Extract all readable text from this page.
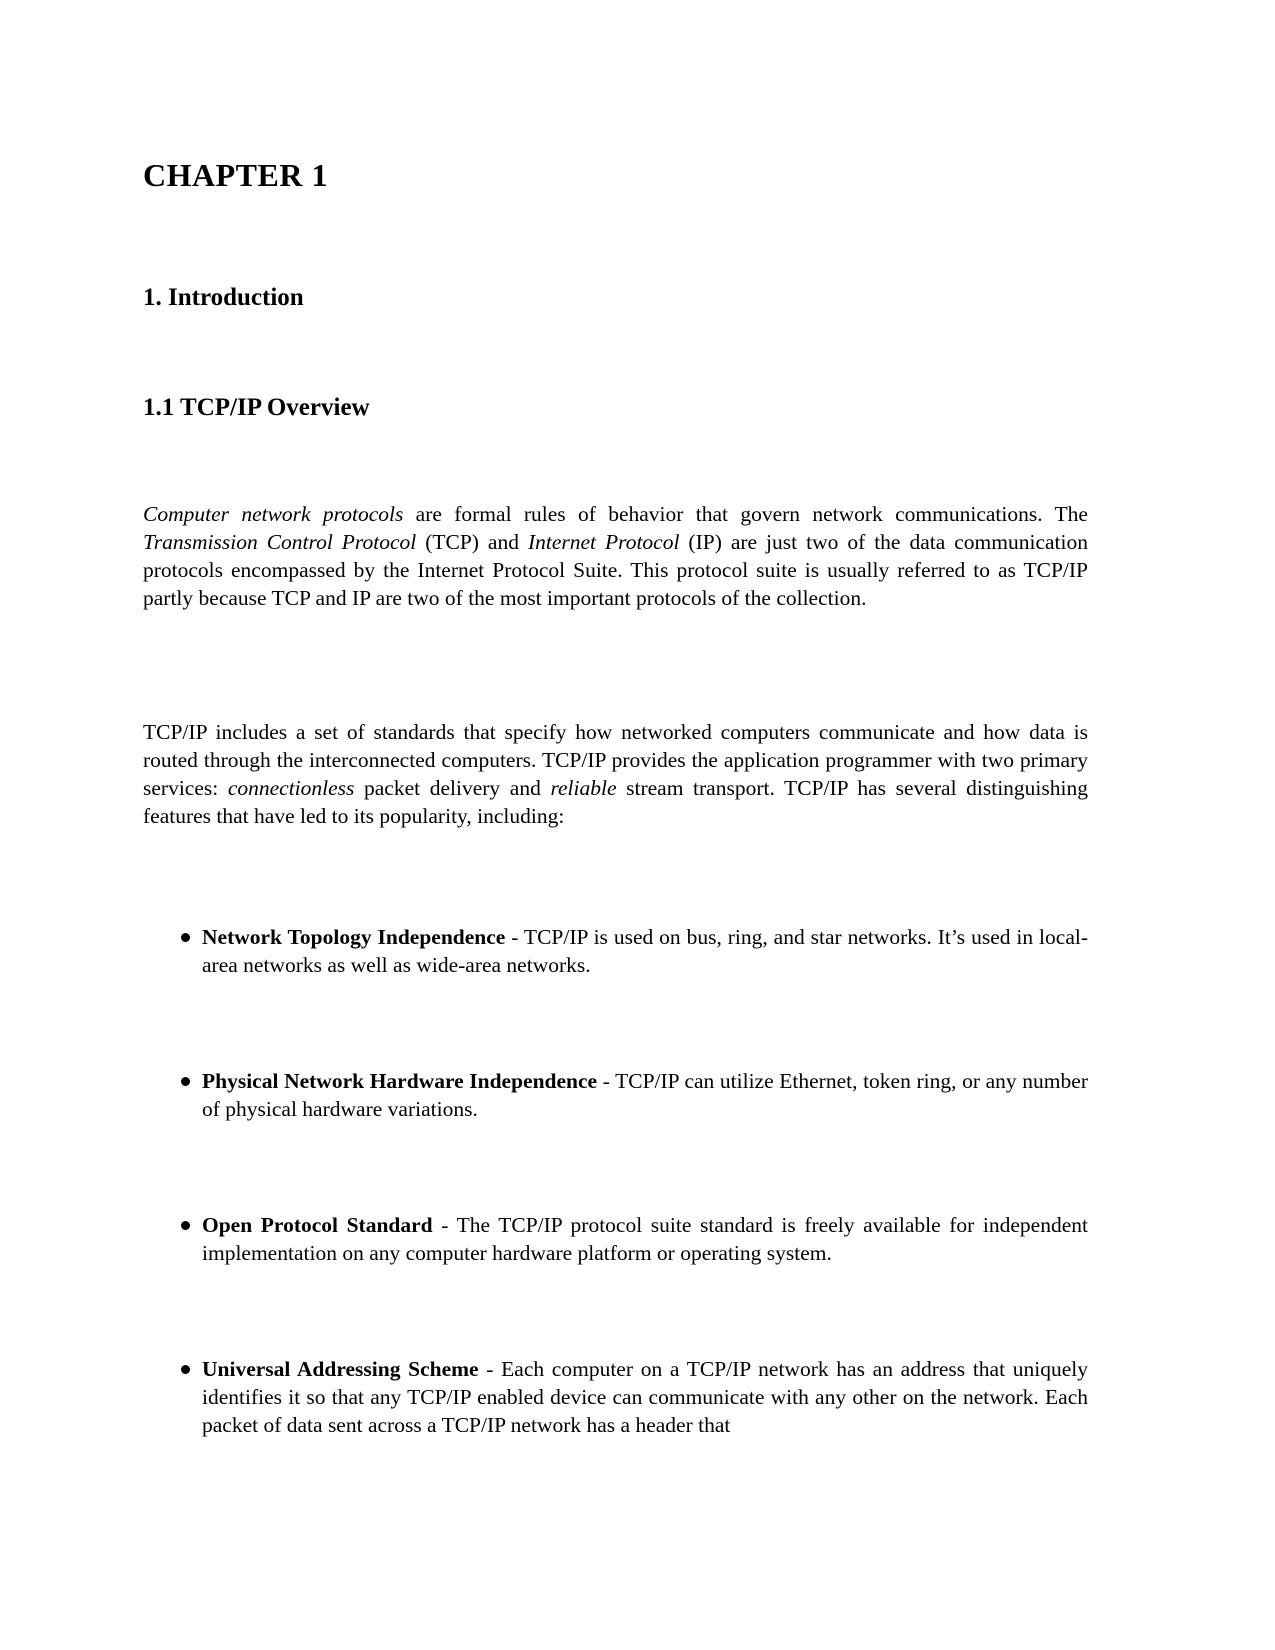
CHAPTER 1
1. Introduction
1.1 TCP/IP Overview

Computer network protocols are formal rules of behavior that govern network communications. The Transmission Control Protocol (TCP) and Internet Protocol (IP) are just two of the data communication protocols encompassed by the Internet Protocol Suite. This protocol suite is usually referred to as TCP/IP partly because TCP and IP are two of the most important protocols of the collection.

TCP/IP includes a set of standards that specify how networked computers communicate and how data is routed through the interconnected computers. TCP/IP provides the application programmer with two primary services: connectionless packet delivery and reliable stream transport. TCP/IP has several distinguishing features that have led to its popularity, including:

Network Topology Independence - TCP/IP is used on bus, ring, and star networks. It’s used in local-area networks as well as wide-area networks.
Physical Network Hardware Independence - TCP/IP can utilize Ethernet, token ring, or any number of physical hardware variations.
Open Protocol Standard - The TCP/IP protocol suite standard is freely available for independent implementation on any computer hardware platform or operating system.
Universal Addressing Scheme - Each computer on a TCP/IP network has an address that uniquely identifies it so that any TCP/IP enabled device can communicate with any other on the network. Each packet of data sent across a TCP/IP network has a header that
